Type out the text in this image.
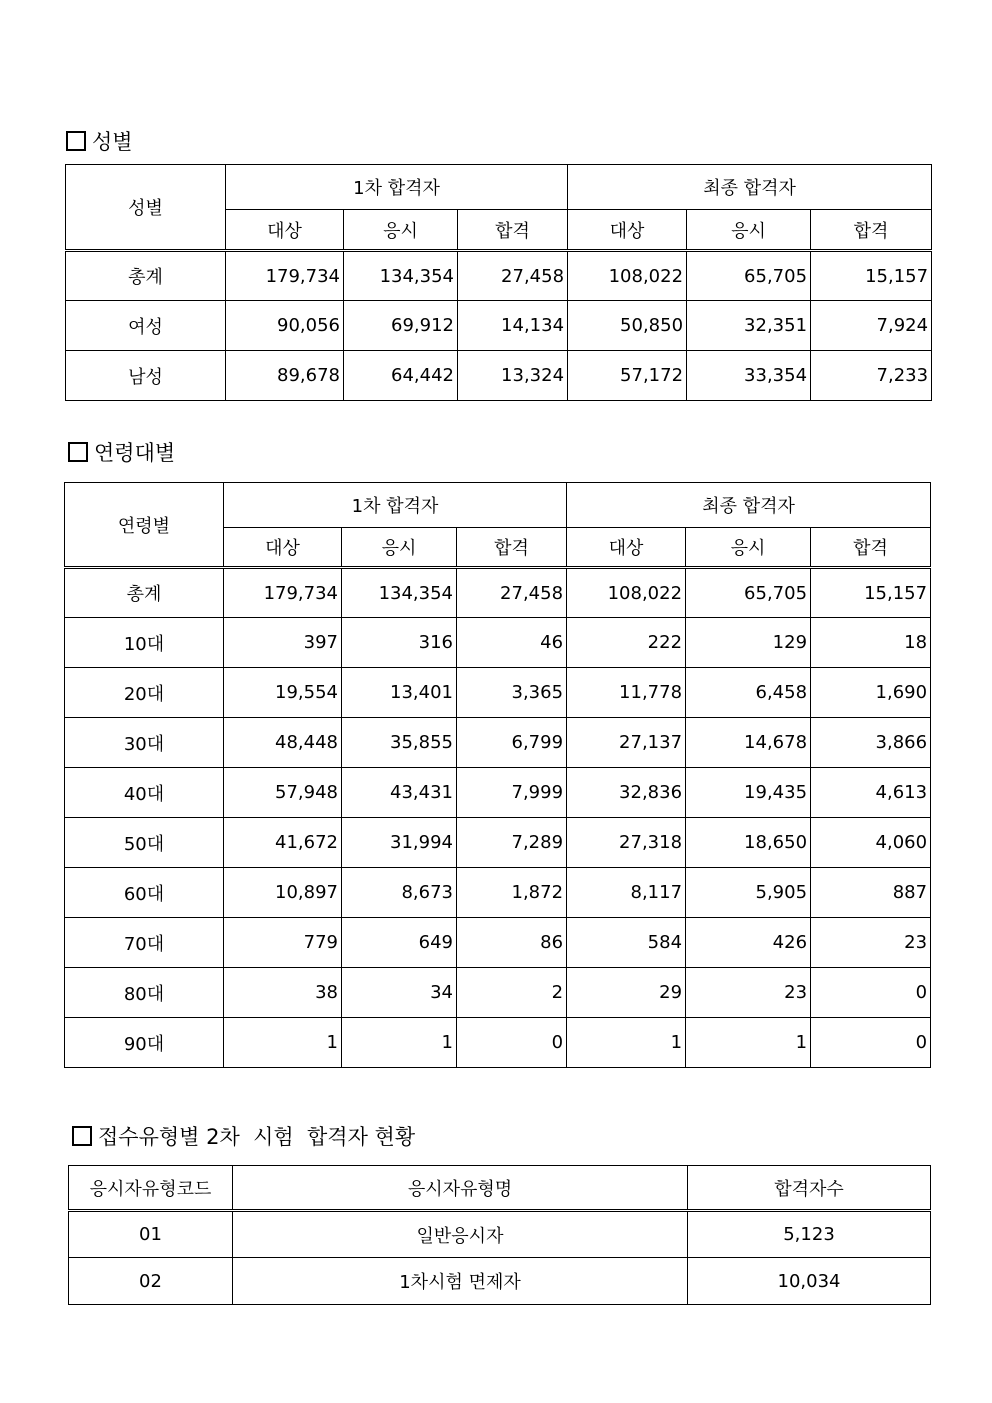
성별
성별	1차 합격자			최종 합격자		
	대상	응시	합격	대상	응시	합격
총계	179,734	134,354	27,458	108,022	65,705	15,157
여성	90,056	69,912	14,134	50,850	32,351	7,924
남성	89,678	64,442	13,324	57,172	33,354	7,233
연령대별
연령별	1차 합격자			최종 합격자		
	대상	응시	합격	대상	응시	합격
총계	179,734	134,354	27,458	108,022	65,705	15,157
10대	397	316	46	222	129	18
20대	19,554	13,401	3,365	11,778	6,458	1,690
30대	48,448	35,855	6,799	27,137	14,678	3,866
40대	57,948	43,431	7,999	32,836	19,435	4,613
50대	41,672	31,994	7,289	27,318	18,650	4,060
60대	10,897	8,673	1,872	8,117	5,905	887
70대	779	649	86	584	426	23
80대	38	34	2	29	23	0
90대	1	1	0	1	1	0
접수유형별 2차  시험  합격자 현황
응시자유형코드	응시자유형명	합격자수
01	일반응시자	5,123
02	1차시험 면제자	10,034
